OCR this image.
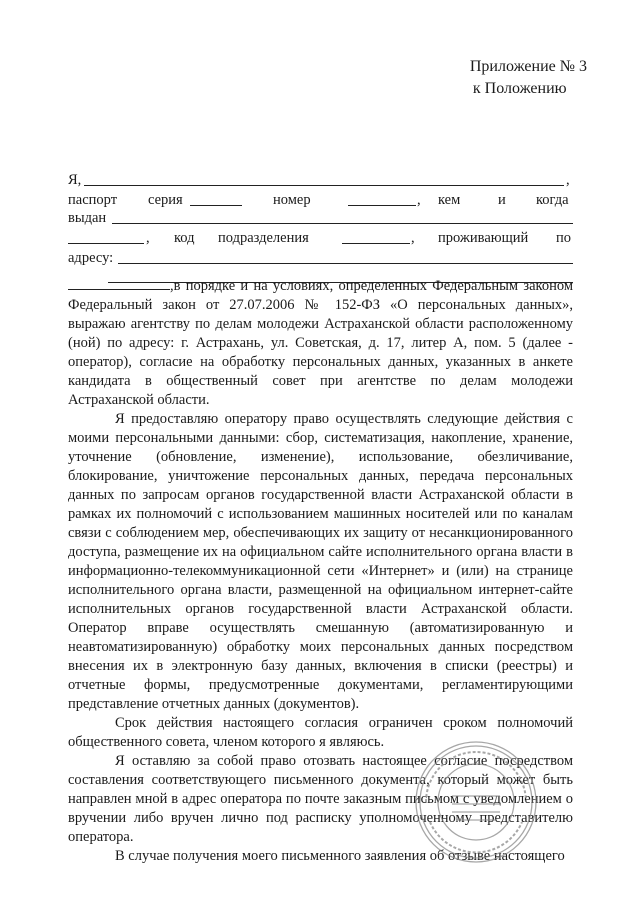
Приложение № 3
к Положению
Я,	,
паспорт серия	номер	, кем	и когда
выдан
, код подразделения	, проживающий по
адресу:

,в порядке и на условиях, определенных Федеральным законом Федеральный закон от 27.07.2006 № 152-ФЗ «О персональных данных», выражаю агентству по делам молодежи Астраханской области расположенному (ной) по адресу: г. Астрахань, ул. Советская, д. 17, литер А, пом. 5 (далее - оператор), согласие на обработку персональных данных, указанных в анкете кандидата в общественный совет при агентстве по делам молодежи Астраханской области.

Я предоставляю оператору право осуществлять следующие действия с моими персональными данными: сбор, систематизация, накопление, хранение, уточнение (обновление, изменение), использование, обезличивание, блокирование, уничтожение персональных данных, передача персональных данных по запросам органов государственной власти Астраханской области в рамках их полномочий с использованием машинных носителей или по каналам связи с соблюдением мер, обеспечивающих их защиту от несанкционированного доступа, размещение их на официальном сайте исполнительного органа власти в информационно-телекоммуникационной сети «Интернет» и (или) на странице исполнительного органа власти, размещенной на официальном интернет-сайте исполнительных органов государственной власти Астраханской области. Оператор вправе осуществлять смешанную (автоматизированную и неавтоматизированную) обработку моих персональных данных посредством внесения их в электронную базу данных, включения в списки (реестры) и отчетные формы, предусмотренные документами, регламентирующими представление отчетных данных (документов).

Срок действия настоящего согласия ограничен сроком полномочий общественного совета, членом которого я являюсь.

Я оставляю за собой право отозвать настоящее согласие посредством составления соответствующего письменного документа, который может быть направлен мной в адрес оператора по почте заказным письмом с уведомлением о вручении либо вручен лично под расписку уполномоченному представителю оператора.

В случае получения моего письменного заявления об отзыве настоящего
